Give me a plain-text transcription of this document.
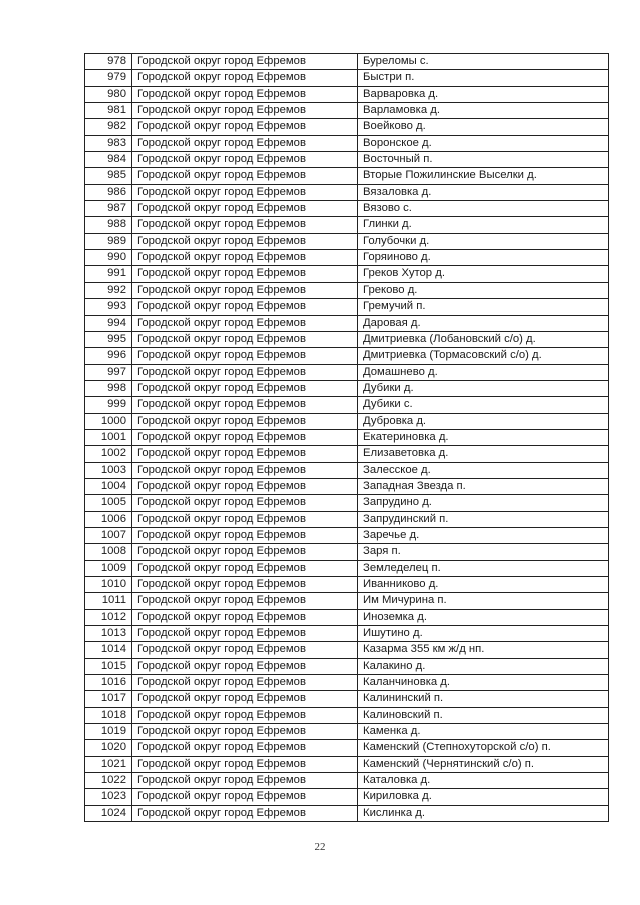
978 Городской округ город Ефремов	Буреломы с.
979 Городской округ город Ефремов	Быстри п.
980 Городской округ город Ефремов	Варваровка д.
981 Городской округ город Ефремов	Варламовка д.
982 Городской округ город Ефремов	Воейково д.
983 Городской округ город Ефремов	Воронское д.
984 Городской округ город Ефремов	Восточный п.
985 Городской округ город Ефремов	Вторые Пожилинские Выселки д.
986 Городской округ город Ефремов	Вязаловка д.
987 Городской округ город Ефремов	Вязово с.
988 Городской округ город Ефремов	Глинки д.
989 Городской округ город Ефремов	Голубочки д.
990 Городской округ город Ефремов	Горяиново д.
991 Городской округ город Ефремов	Греков Хутор д.
992 Городской округ город Ефремов	Греково д.
993 Городской округ город Ефремов	Гремучий п.
994 Городской округ город Ефремов	Даровая д.
995 Городской округ город Ефремов	Дмитриевка (Лобановский с/о) д.
996 Городской округ город Ефремов	Дмитриевка (Тормасовский с/о) д.
997 Городской округ город Ефремов	Домашнево д.
998 Городской округ город Ефремов	Дубики д.
999 Городской округ город Ефремов	Дубики с.
1000 Городской округ город Ефремов	Дубровка д.
1001 Городской округ город Ефремов	Екатериновка д.
1002 Городской округ город Ефремов	Елизаветовка д.
1003 Городской округ город Ефремов	Залесское д.
1004 Городской округ город Ефремов	Западная Звезда п.
1005 Городской округ город Ефремов	Запрудино д.
1006 Городской округ город Ефремов	Запрудинский п.
1007 Городской округ город Ефремов	Заречье д.
1008 Городской округ город Ефремов	Заря п.
1009 Городской округ город Ефремов	Земледелец п.
1010 Городской округ город Ефремов	Иванниково д.
1011 Городской округ город Ефремов	Им Мичурина п.
1012 Городской округ город Ефремов	Иноземка д.
1013 Городской округ город Ефремов	Ишутино д.
1014 Городской округ город Ефремов	Казарма 355 км ж/д нп.
1015 Городской округ город Ефремов	Калакино д.
1016 Городской округ город Ефремов	Каланчиновка д.
1017 Городской округ город Ефремов	Калининский п.
1018 Городской округ город Ефремов	Калиновский п.
1019 Городской округ город Ефремов	Каменка д.
1020 Городской округ город Ефремов	Каменский (Степнохуторской с/о) п.
1021 Городской округ город Ефремов	Каменский (Чернятинский с/о) п.
1022 Городской округ город Ефремов	Каталовка д.
1023 Городской округ город Ефремов	Кириловка д.
1024 Городской округ город Ефремов	Кислинка д.
22
